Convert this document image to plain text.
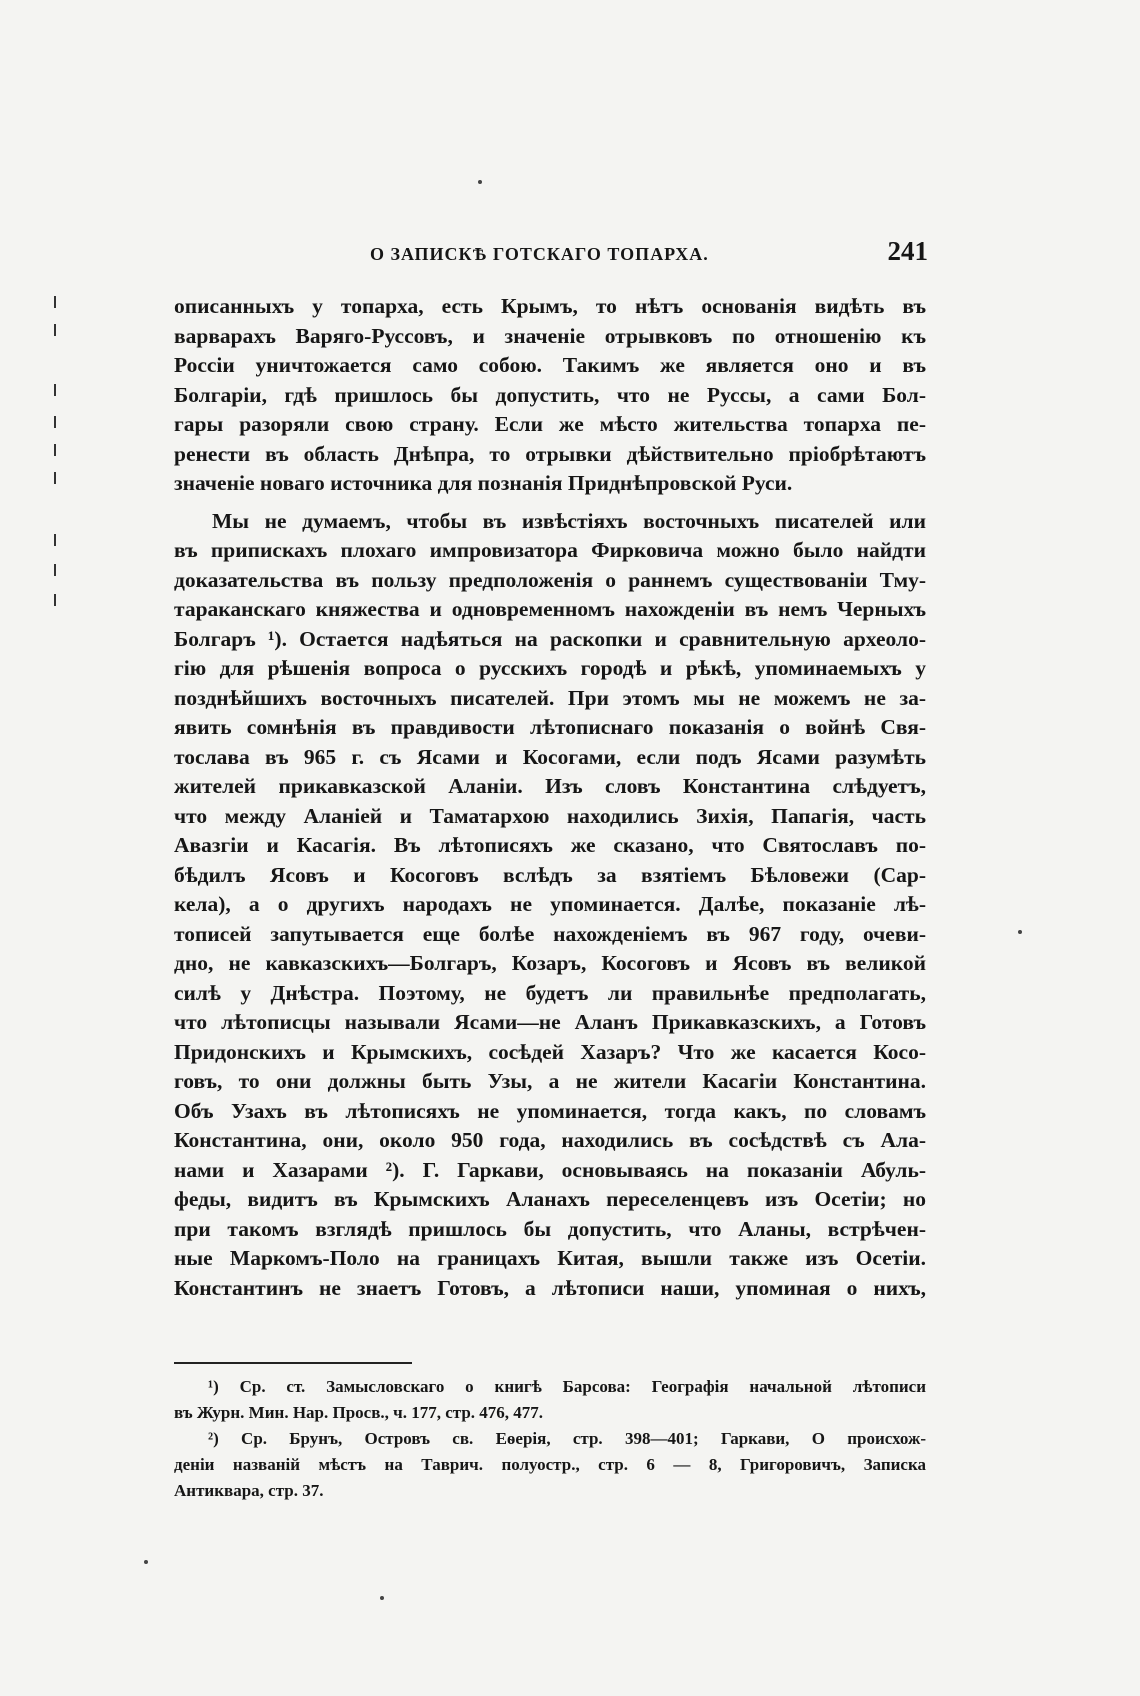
О ЗАПИСКѢ ГОТСКАГО ТОПАРХА.	241
описанныхъ у топарха, есть Крымъ, то нѣтъ основанія видѣть въ
варварахъ Варяго-Руссовъ, и значеніе отрывковъ по отношенію къ
Россіи уничтожается само собою. Такимъ же является оно и въ
Болгаріи, гдѣ пришлось бы допустить, что не Руссы, а сами Бол-
гары разоряли свою страну. Если же мѣсто жительства топарха пе-
ренести въ область Днѣпра, то отрывки дѣйствительно пріобрѣтаютъ
значеніе новаго источника для познанія Приднѣпровской Руси.
Мы не думаемъ, чтобы въ извѣстіяхъ восточныхъ писателей или
въ припискахъ плохаго импровизатора Фирковича можно было найдти
доказательства въ пользу предположенія о раннемъ существованіи Тму-
тараканскаго княжества и одновременномъ нахожденіи въ немъ Черныхъ
Болгаръ ¹). Остается надѣяться на раскопки и сравнительную археоло-
гію для рѣшенія вопроса о русскихъ городѣ и рѣкѣ, упоминаемыхъ у
позднѣйшихъ восточныхъ писателей. При этомъ мы не можемъ не за-
явить сомнѣнія въ правдивости лѣтописнаго показанія о войнѣ Свя-
тослава въ 965 г. съ Ясами и Косогами, если подъ Ясами разумѣть
жителей прикавказской Аланіи. Изъ словъ Константина слѣдуетъ,
что между Аланіей и Таматархою находились Зихія, Папагія, часть
Авазгіи и Касагія. Въ лѣтописяхъ же сказано, что Святославъ по-
бѣдилъ Ясовъ и Косоговъ вслѣдъ за взятіемъ Бѣловежи (Сар-
кела), а о другихъ народахъ не упоминается. Далѣе, показаніе лѣ-
тописей запутывается еще болѣе нахожденіемъ въ 967 году, очеви-
дно, не кавказскихъ—Болгаръ, Козаръ, Косоговъ и Ясовъ въ великой
силѣ у Днѣстра. Поэтому, не будетъ ли правильнѣе предполагать,
что лѣтописцы называли Ясами—не Аланъ Прикавказскихъ, а Готовъ
Придонскихъ и Крымскихъ, сосѣдей Хазаръ? Что же касается Косо-
говъ, то они должны быть Узы, а не жители Касагіи Константина.
Объ Узахъ въ лѣтописяхъ не упоминается, тогда какъ, по словамъ
Константина, они, около 950 года, находились въ сосѣдствѣ съ Ала-
нами и Хазарами ²). Г. Гаркави, основываясь на показаніи Абуль-
феды, видитъ въ Крымскихъ Аланахъ переселенцевъ изъ Осетіи; но
при такомъ взглядѣ пришлось бы допустить, что Аланы, встрѣчен-
ные Маркомъ-Поло на границахъ Китая, вышли также изъ Осетіи.
Константинъ не знаетъ Готовъ, а лѣтописи наши, упоминая о нихъ,
¹) Ср. ст. Замысловскаго о книгѣ Барсова: Географія начальной лѣтописи
въ Журн. Мин. Нар. Просв., ч. 177, стр. 476, 477.
²) Ср. Брунъ, Островъ св. Еѳерія, стр. 398—401; Гаркави, О происхож-
деніи названій мѣстъ на Таврич. полуостр., стр. 6 — 8, Григоровичъ, Записка
Антиквара, стр. 37.
